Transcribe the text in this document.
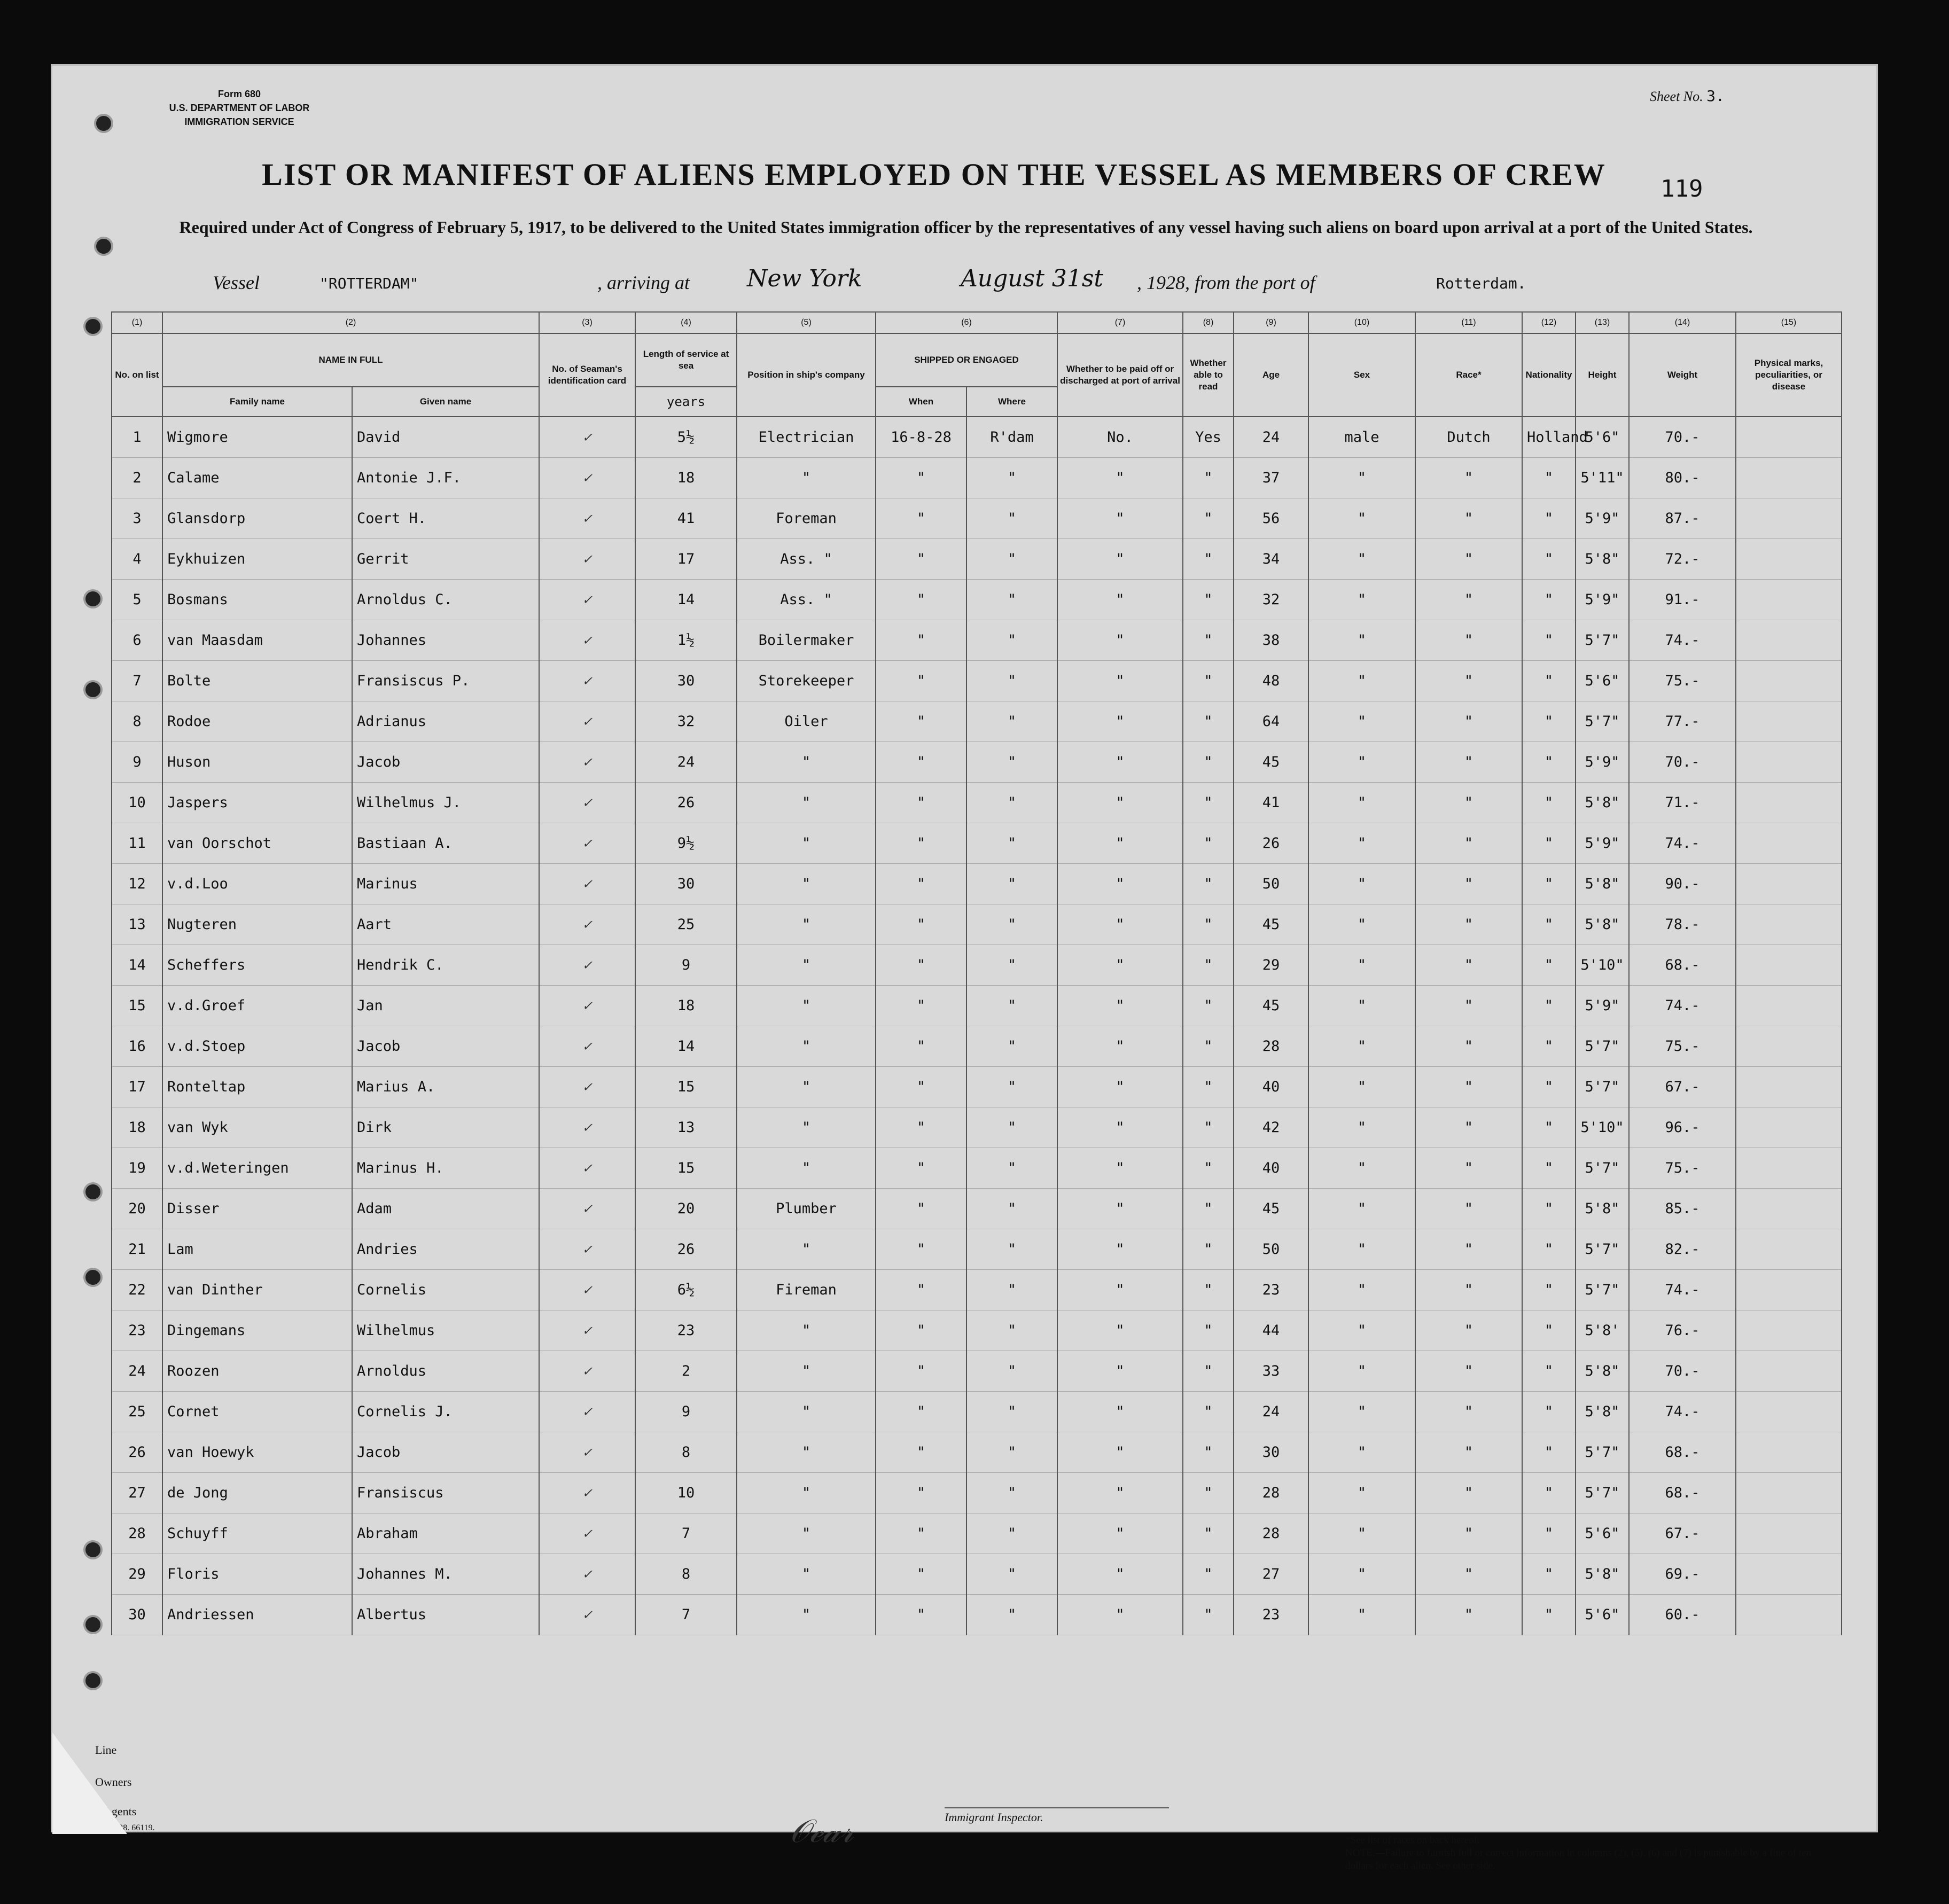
Form 680
U.S. DEPARTMENT OF LABOR
IMMIGRATION SERVICE
Sheet No. 3.
119
LIST OR MANIFEST OF ALIENS EMPLOYED ON THE VESSEL AS MEMBERS OF CREW
Required under Act of Congress of February 5, 1917, to be delivered to the United States immigration officer by the representatives of any vessel having such aliens on board upon arrival at a port of the United States.
Vessel	"ROTTERDAM"	, arriving at New York	August 31st , 1928, from the port of	Rotterdam.
(1)	(2)		(3)	(4)	(5)	(6)		(7)	(8)	(9)	(10)	(11)	(12)	(13)	(14)	(15)
No. on list	NAME IN FULL		No. of Seaman's identification card	Length of service at sea	Position in ship's company	SHIPPED OR ENGAGED		Whether to be paid off or discharged at port of arrival	Whether able to read	Age	Sex	Race*	Nationality	Height	Weight	Physical marks, peculiarities, or disease
	Family name	Given name		years		When	Where									
1	Wigmore	David	✓	5½	Electrician	16-8-28	R'dam	No.	Yes	24	male	Dutch	Holland	5'6"	70.-	
2	Calame	Antonie J.F.	✓	18	"	"	"	"	"	37	"	"	"	5'11"	80.-	
3	Glansdorp	Coert H.	✓	41	Foreman	"	"	"	"	56	"	"	"	5'9"	87.-	
4	Eykhuizen	Gerrit	✓	17	Ass. "	"	"	"	"	34	"	"	"	5'8"	72.-	
5	Bosmans	Arnoldus C.	✓	14	Ass. "	"	"	"	"	32	"	"	"	5'9"	91.-	
6	van Maasdam	Johannes	✓	1½	Boilermaker	"	"	"	"	38	"	"	"	5'7"	74.-	
7	Bolte	Fransiscus P.	✓	30	Storekeeper	"	"	"	"	48	"	"	"	5'6"	75.-	
8	Rodoe	Adrianus	✓	32	Oiler	"	"	"	"	64	"	"	"	5'7"	77.-	
9	Huson	Jacob	✓	24	"	"	"	"	"	45	"	"	"	5'9"	70.-	
10	Jaspers	Wilhelmus J.	✓	26	"	"	"	"	"	41	"	"	"	5'8"	71.-	
11	van Oorschot	Bastiaan A.	✓	9½	"	"	"	"	"	26	"	"	"	5'9"	74.-	
12	v.d.Loo	Marinus	✓	30	"	"	"	"	"	50	"	"	"	5'8"	90.-	
13	Nugteren	Aart	✓	25	"	"	"	"	"	45	"	"	"	5'8"	78.-	
14	Scheffers	Hendrik C.	✓	9	"	"	"	"	"	29	"	"	"	5'10"	68.-	
15	v.d.Groef	Jan	✓	18	"	"	"	"	"	45	"	"	"	5'9"	74.-	
16	v.d.Stoep	Jacob	✓	14	"	"	"	"	"	28	"	"	"	5'7"	75.-	
17	Ronteltap	Marius A.	✓	15	"	"	"	"	"	40	"	"	"	5'7"	67.-	
18	van Wyk	Dirk	✓	13	"	"	"	"	"	42	"	"	"	5'10"	96.-	
19	v.d.Weteringen	Marinus H.	✓	15	"	"	"	"	"	40	"	"	"	5'7"	75.-	
20	Disser	Adam	✓	20	Plumber	"	"	"	"	45	"	"	"	5'8"	85.-	
21	Lam	Andries	✓	26	"	"	"	"	"	50	"	"	"	5'7"	82.-	
22	van Dinther	Cornelis	✓	6½	Fireman	"	"	"	"	23	"	"	"	5'7"	74.-	
23	Dingemans	Wilhelmus	✓	23	"	"	"	"	"	44	"	"	"	5'8'	76.-	
24	Roozen	Arnoldus	✓	2	"	"	"	"	"	33	"	"	"	5'8"	70.-	
25	Cornet	Cornelis J.	✓	9	"	"	"	"	"	24	"	"	"	5'8"	74.-	
26	van Hoewyk	Jacob	✓	8	"	"	"	"	"	30	"	"	"	5'7"	68.-	
27	de Jong	Fransiscus	✓	10	"	"	"	"	"	28	"	"	"	5'7"	68.-	
28	Schuyff	Abraham	✓	7	"	"	"	"	"	28	"	"	"	5'6"	67.-	
29	Floris	Johannes M.	✓	8	"	"	"	"	"	27	"	"	"	5'8"	69.-	
30	Andriessen	Albertus	✓	7	"	"	"	"	"	23	"	"	"	5'6"	60.-	
Line
Owners
Agents
S-28. 66119.	𝒪ℯ𝒶𝓇	Immigrant Inspector.
*See list of races on back hereof.
NOTE.—Failure to furnish full or correct information in columns (2), (5), (6) and (7) is punishable by a fine of ten dollars for each alien. See other side.
